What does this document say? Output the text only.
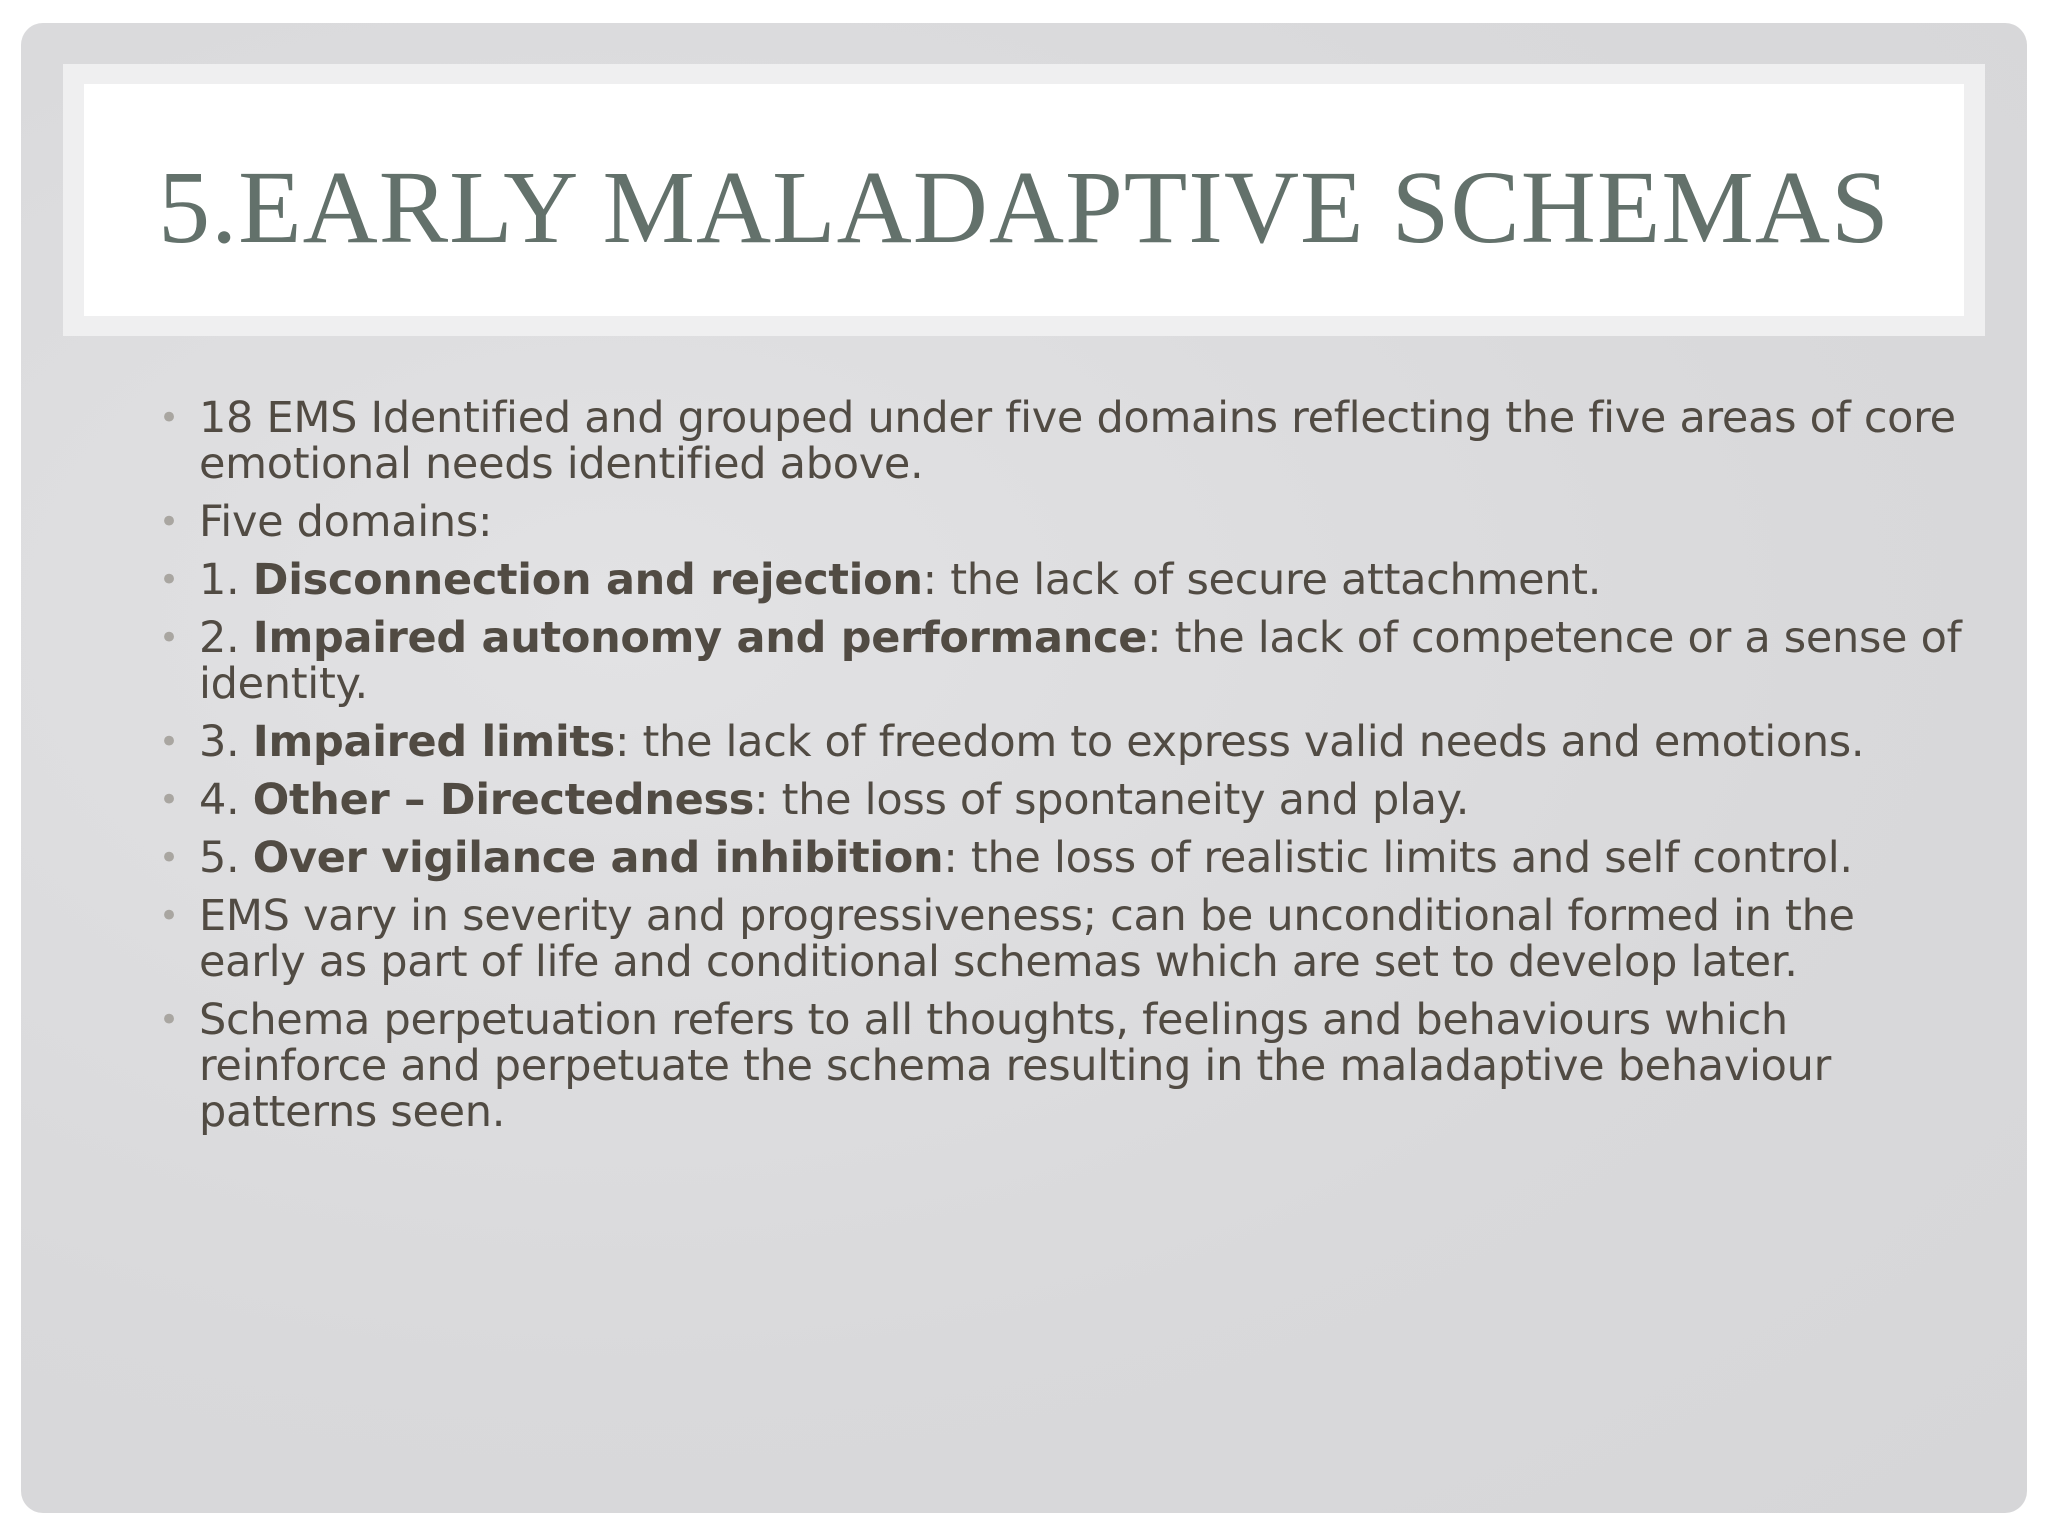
5.EARLY MALADAPTIVE SCHEMAS
• 18 EMS Identified and grouped under five domains reflecting the five areas of core emotional needs identified above.
• Five domains:
• 1. Disconnection and rejection: the lack of secure attachment.
• 2. Impaired autonomy and performance: the lack of competence or a sense of identity.
• 3. Impaired limits: the lack of freedom to express valid needs and emotions.
• 4. Other – Directedness: the loss of spontaneity and play.
• 5. Over vigilance and inhibition: the loss of realistic limits and self control.
• EMS vary in severity and progressiveness; can be unconditional formed in the early as part of life and conditional schemas which are set to develop later.
• Schema perpetuation refers to all thoughts, feelings and behaviours which reinforce and perpetuate the schema resulting in the maladaptive behaviour patterns seen.
